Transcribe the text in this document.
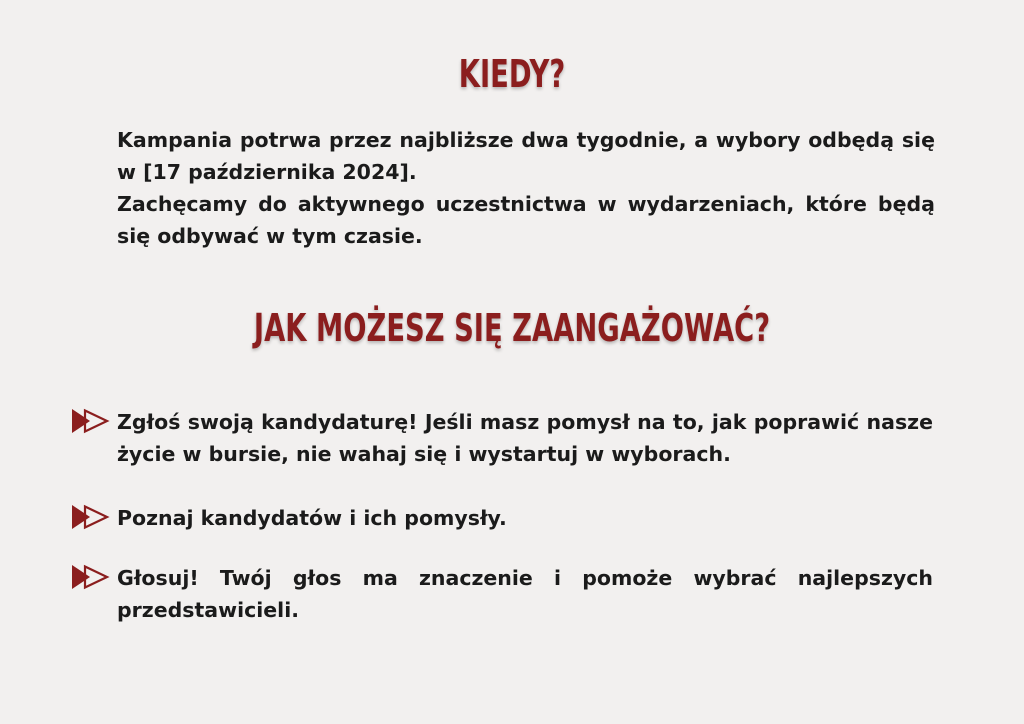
KIEDY?

Kampania potrwa przez najbliższe dwa tygodnie, a wybory odbędą się w [17 października 2024].

Zachęcamy do aktywnego uczestnictwa w wydarzeniach, które będą się odbywać w tym czasie.

JAK MOŻESZ SIĘ ZAANGAŻOWAĆ?

Zgłoś swoją kandydaturę! Jeśli masz pomysł na to, jak poprawić nasze życie w bursie, nie wahaj się i wystartuj w wyborach.

Poznaj kandydatów i ich pomysły.

Głosuj! Twój głos ma znaczenie i pomoże wybrać najlepszych przedstawicieli.
